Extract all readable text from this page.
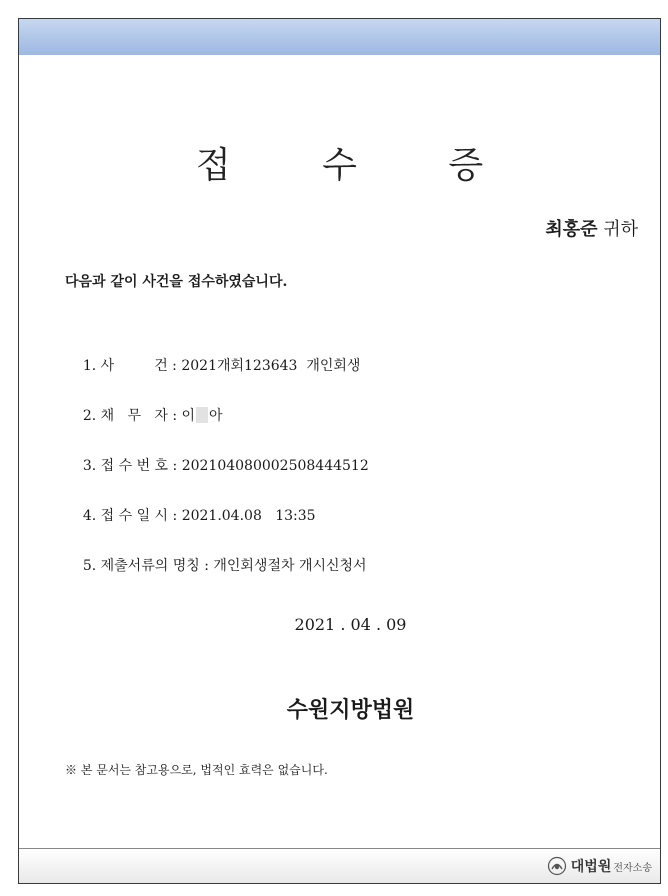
접 수 증
최홍준 귀하
다음과 같이 사건을 접수하였습니다.

1. 사         건 : 2021개회123643  개인회생

2. 채   무   자 : 이 아

3. 접 수 번 호 : 20210408000250844451​2

4. 접 수 일 시 : 2021.04.08   13:35

5. 제출서류의 명칭 : 개인회생절차 개시신청서

2021 . 04 . 09
수원지방법원
※ 본 문서는 참고용으로, 법적인 효력은 없습니다.
대법원 전자소송
